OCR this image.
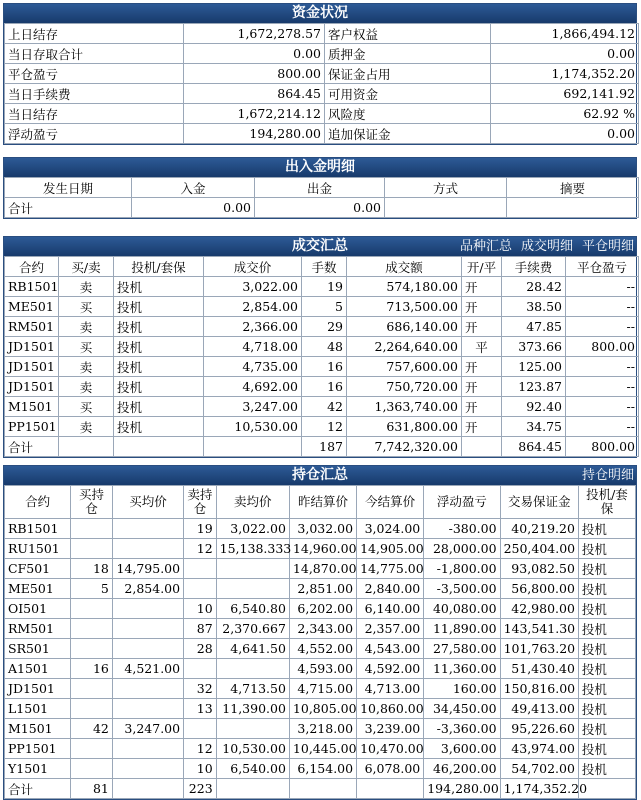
资金状况
上日结存	1,672,278.57	客户权益	1,866,494.12
当日存取合计	0.00	质押金	0.00
平仓盈亏	800.00	保证金占用	1,174,352.20
当日手续费	864.45	可用资金	692,141.92
当日结存	1,672,214.12	风险度	62.92 %
浮动盈亏	194,280.00	追加保证金	0.00
出入金明细
发生日期	入金	出金	方式	摘要
合计	0.00	0.00		
成交汇总	品种汇总 成交明细 平仓明细
合约	买/卖	投机/套保	成交价	手数	成交额	开/平	手续费	平仓盈亏
RB1501	卖	投机	3,022.00	19	574,180.00	开	28.42	--
ME501	买	投机	2,854.00	5	713,500.00	开	38.50	--
RM501	卖	投机	2,366.00	29	686,140.00	开	47.85	--
JD1501	买	投机	4,718.00	48	2,264,640.00	平	373.66	800.00
JD1501	卖	投机	4,735.00	16	757,600.00	开	125.00	--
JD1501	卖	投机	4,692.00	16	750,720.00	开	123.87	--
M1501	买	投机	3,247.00	42	1,363,740.00	开	92.40	--
PP1501	卖	投机	10,530.00	12	631,800.00	开	34.75	--
合计				187	7,742,320.00		864.45	800.00
持仓汇总	持仓明细
合约	买持仓	买均价	卖持仓	卖均价	昨结算价	今结算价	浮动盈亏	交易保证金	投机/套保
RB1501			19	3,022.00	3,032.00	3,024.00	-380.00	40,219.20	投机
RU1501			12	15,138.333	14,960.00	14,905.00	28,000.00	250,404.00	投机
CF501	18	14,795.00			14,870.00	14,775.00	-1,800.00	93,082.50	投机
ME501	5	2,854.00			2,851.00	2,840.00	-3,500.00	56,800.00	投机
OI501			10	6,540.80	6,202.00	6,140.00	40,080.00	42,980.00	投机
RM501			87	2,370.667	2,343.00	2,357.00	11,890.00	143,541.30	投机
SR501			28	4,641.50	4,552.00	4,543.00	27,580.00	101,763.20	投机
A1501	16	4,521.00			4,593.00	4,592.00	11,360.00	51,430.40	投机
JD1501			32	4,713.50	4,715.00	4,713.00	160.00	150,816.00	投机
L1501			13	11,390.00	10,805.00	10,860.00	34,450.00	49,413.00	投机
M1501	42	3,247.00			3,218.00	3,239.00	-3,360.00	95,226.60	投机
PP1501			12	10,530.00	10,445.00	10,470.00	3,600.00	43,974.00	投机
Y1501			10	6,540.00	6,154.00	6,078.00	46,200.00	54,702.00	投机
合计	81		223				194,280.00	1,174,352.20	
